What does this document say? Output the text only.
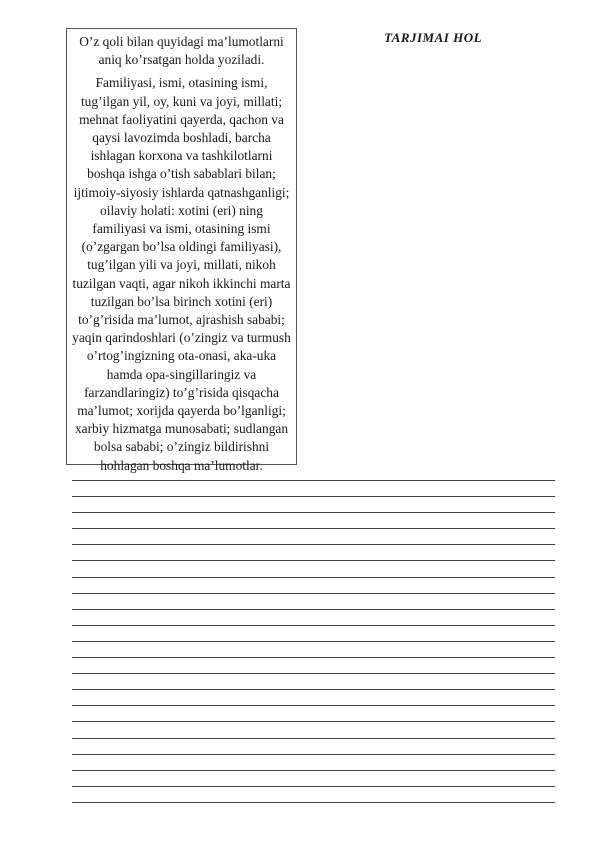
O’z qoli bilan quyidagi ma’lumotlarni aniq ko’rsatgan holda yoziladi.

Familiyasi, ismi, otasining ismi, tug’ilgan yil, oy, kuni va joyi, millati; mehnat faoliyatini qayerda, qachon va qaysi lavozimda boshladi, barcha ishlagan korxona va tashkilotlarni boshqa ishga o’tish sabablari bilan; ijtimoiy-siyosiy ishlarda qatnashganligi; oilaviy holati: xotini (eri) ning familiyasi va ismi, otasining ismi (o’zgargan bo’lsa oldingi familiyasi), tug’ilgan yili va joyi, millati, nikoh tuzilgan vaqti, agar nikoh ikkinchi marta tuzilgan bo’lsa birinch xotini (eri) to’g’risida ma’lumot, ajrashish sababi; yaqin qarindoshlari (o’zingiz va turmush o’rtog’ingizning ota-onasi, aka-uka hamda opa-singillaringiz va farzandlaringiz) to’g’risida qisqacha ma’lumot; xorijda qayerda bo’lganligi; xarbiy hizmatga munosabati; sudlangan bolsa sababi; o’zingiz bildirishni hohlagan boshqa ma’lumotlar.

TARJIMAI HOL
